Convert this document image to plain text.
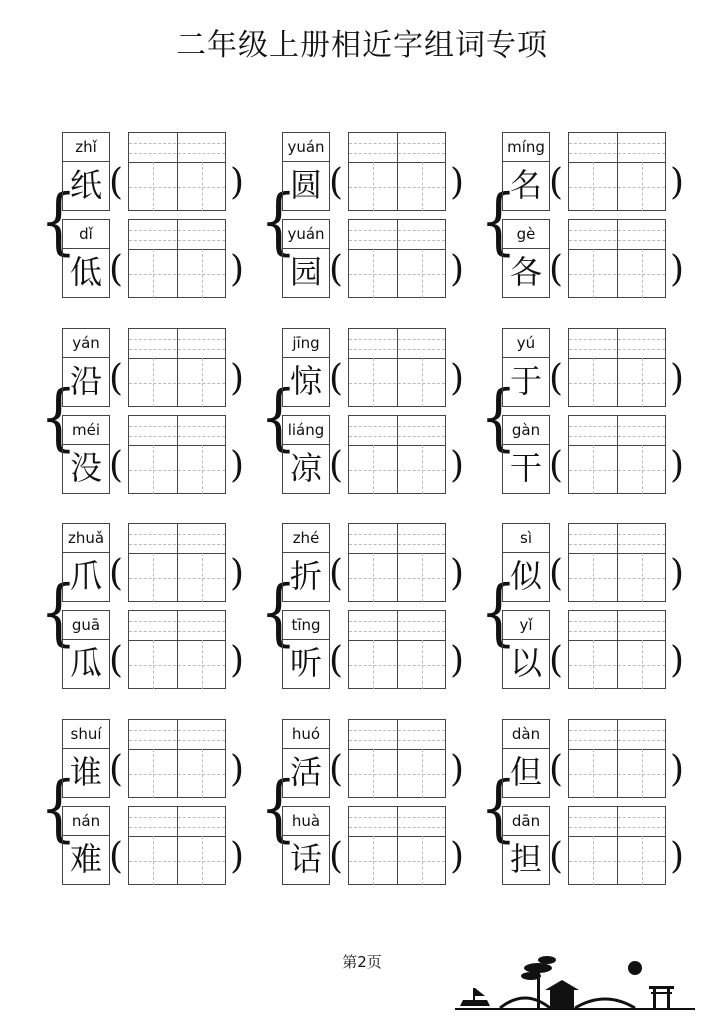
二年级上册相近字组词专项
{
zhǐ
纸 (	)
dǐ
低 (	)
{
yuán
圆 (	)
yuán
园 (	)
{
míng
名 (	)
gè
各 (	)
{
yán
沿 (	)
méi
没 (	)
{
jīng
惊 (	)
liáng
凉 (	)
{
yú
于 (	)
gàn
干 (	)
{
zhuǎ
爪 (	)
guā
瓜 (	)
{
zhé
折 (	)
tīng
听 (	)
{
sì
似 (	)
yǐ
以 (	)
{
shuí
谁 (	)
nán
难 (	)
{
huó
活 (	)
huà
话 (	)
{
dàn
但 (	)
dān
担 (	)
第2页
